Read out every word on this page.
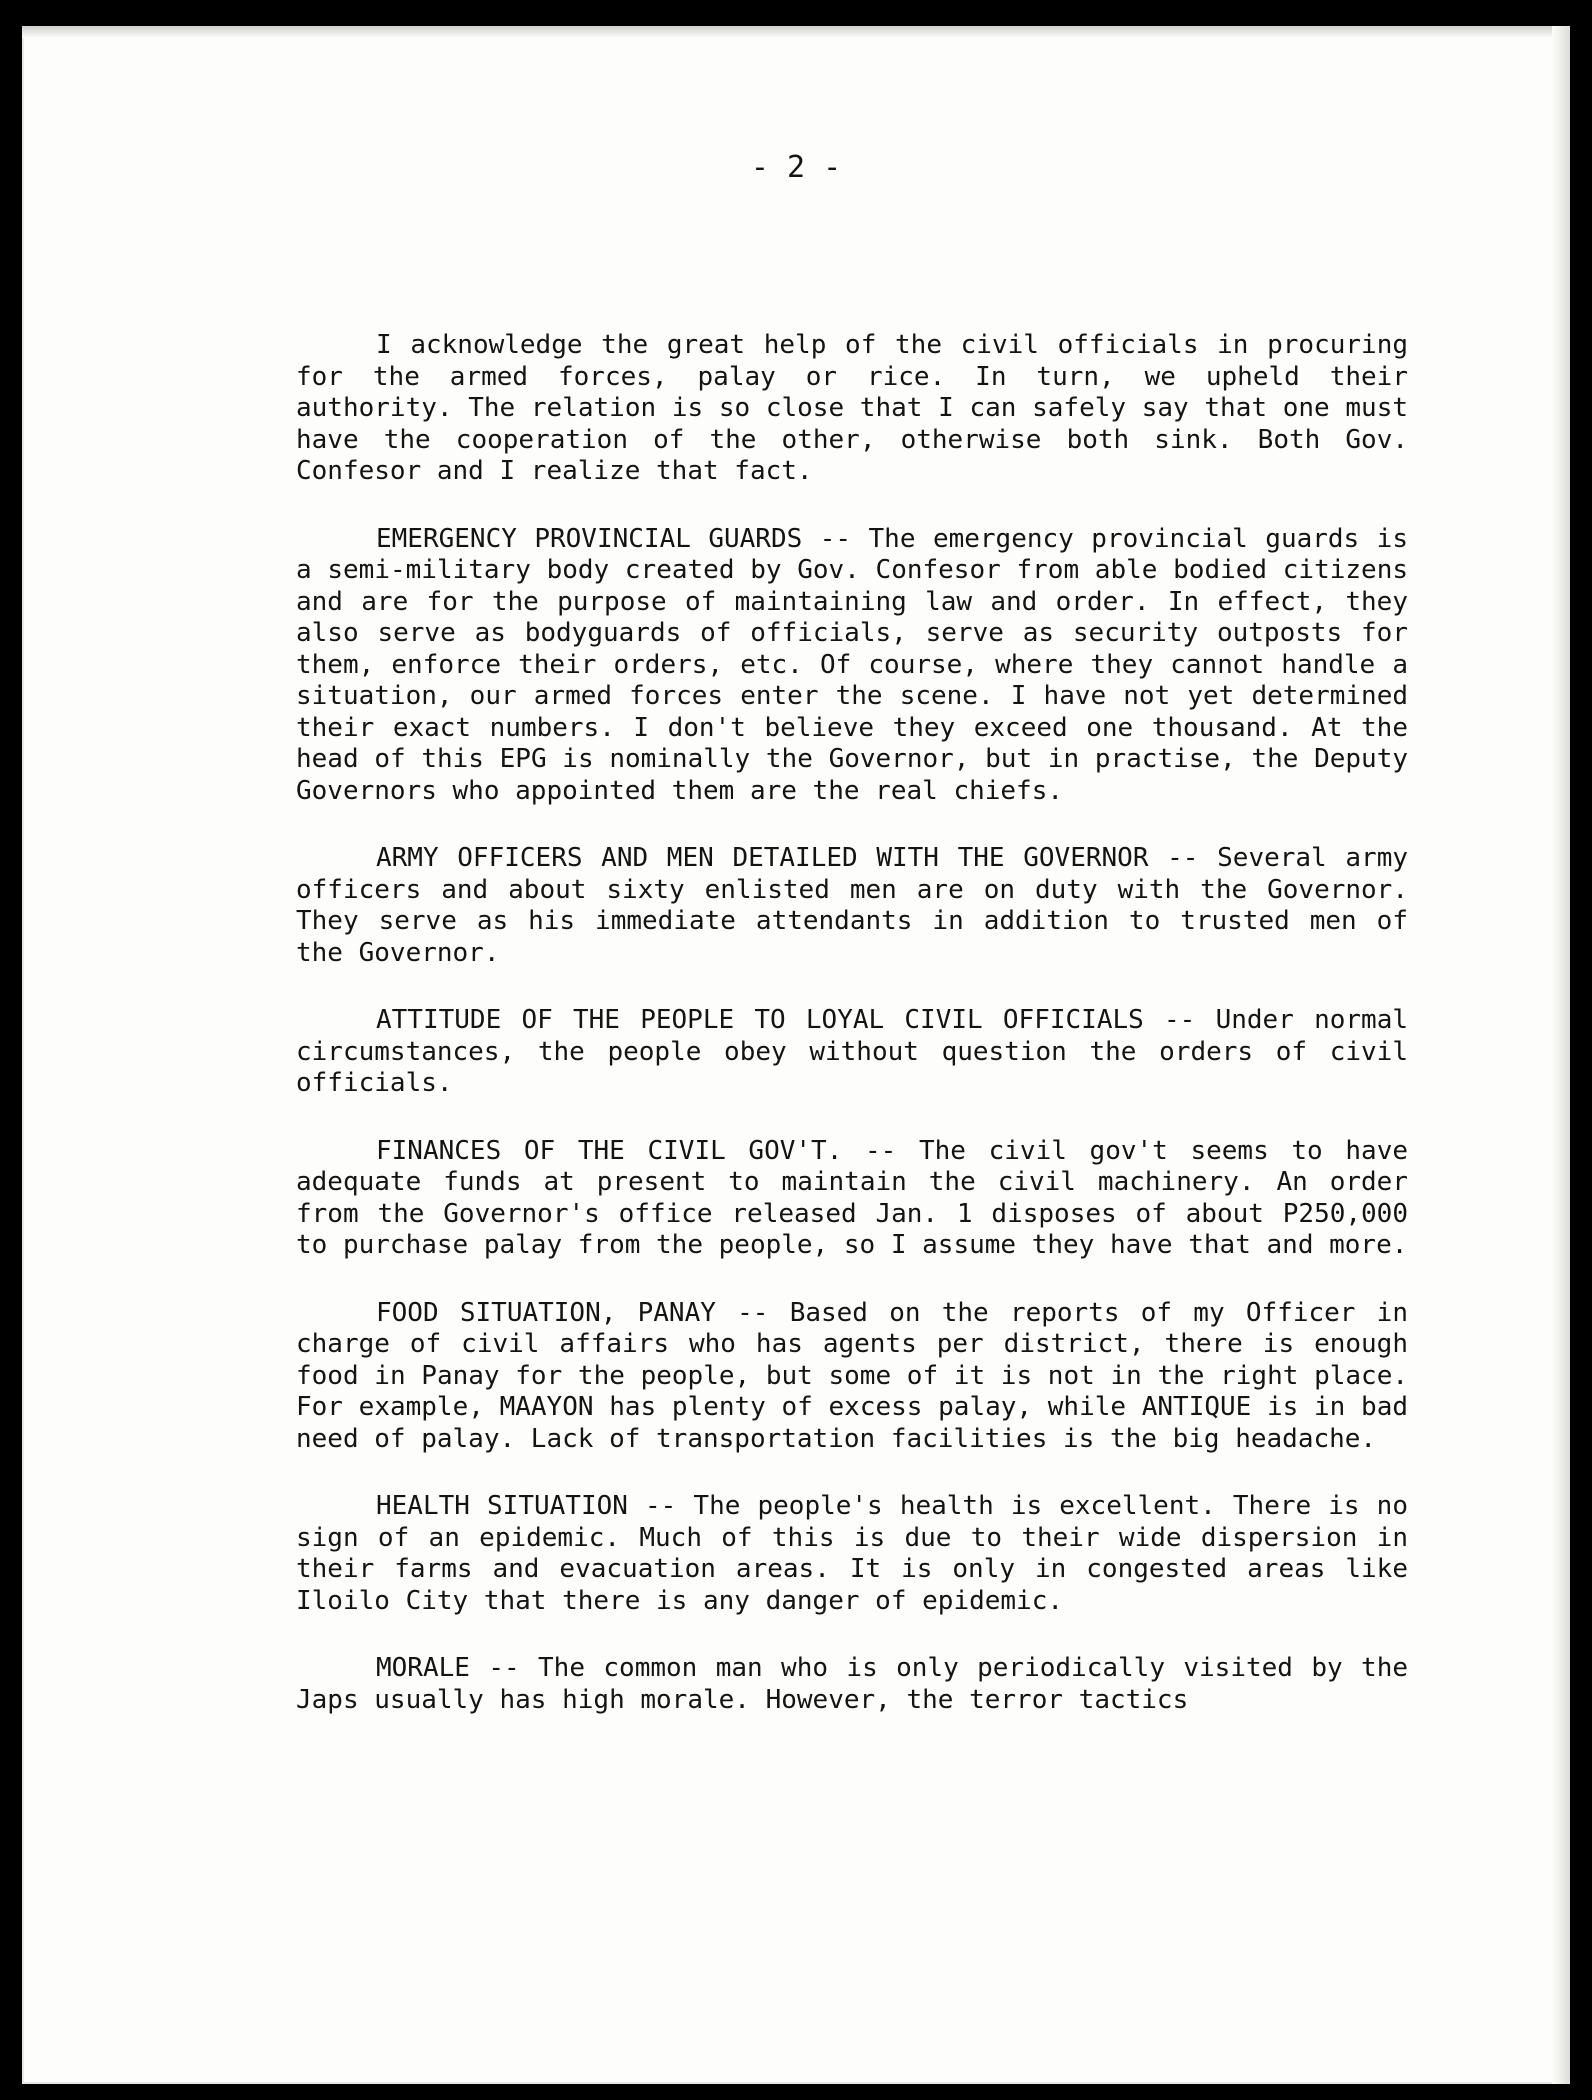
- 2 -

I acknowledge the great help of the civil officials in procuring for the armed forces, palay or rice. In turn, we upheld their authority. The relation is so close that I can safely say that one must have the cooperation of the other, otherwise both sink. Both Gov. Confesor and I realize that fact.

EMERGENCY PROVINCIAL GUARDS -- The emergency provincial guards is a semi-military body created by Gov. Confesor from able bodied citizens and are for the purpose of maintaining law and order. In effect, they also serve as bodyguards of officials, serve as security outposts for them, enforce their orders, etc. Of course, where they cannot handle a situation, our armed forces enter the scene. I have not yet determined their exact numbers. I don't believe they exceed one thousand. At the head of this EPG is nominally the Governor, but in practise, the Deputy Governors who appointed them are the real chiefs.

ARMY OFFICERS AND MEN DETAILED WITH THE GOVERNOR -- Several army officers and about sixty enlisted men are on duty with the Governor. They serve as his immediate attendants in addition to trusted men of the Governor.

ATTITUDE OF THE PEOPLE TO LOYAL CIVIL OFFICIALS -- Under normal circumstances, the people obey without question the orders of civil officials.

FINANCES OF THE CIVIL GOV'T. -- The civil gov't seems to have adequate funds at present to maintain the civil machinery. An order from the Governor's office released Jan. 1 disposes of about P250,000 to purchase palay from the people, so I assume they have that and more.

FOOD SITUATION, PANAY -- Based on the reports of my Officer in charge of civil affairs who has agents per district, there is enough food in Panay for the people, but some of it is not in the right place. For example, MAAYON has plenty of excess palay, while ANTIQUE is in bad need of palay. Lack of transportation facilities is the big headache.

HEALTH SITUATION -- The people's health is excellent. There is no sign of an epidemic. Much of this is due to their wide dispersion in their farms and evacuation areas. It is only in congested areas like Iloilo City that there is any danger of epidemic.

MORALE -- The common man who is only periodically visited by the Japs usually has high morale. However, the terror tactics
